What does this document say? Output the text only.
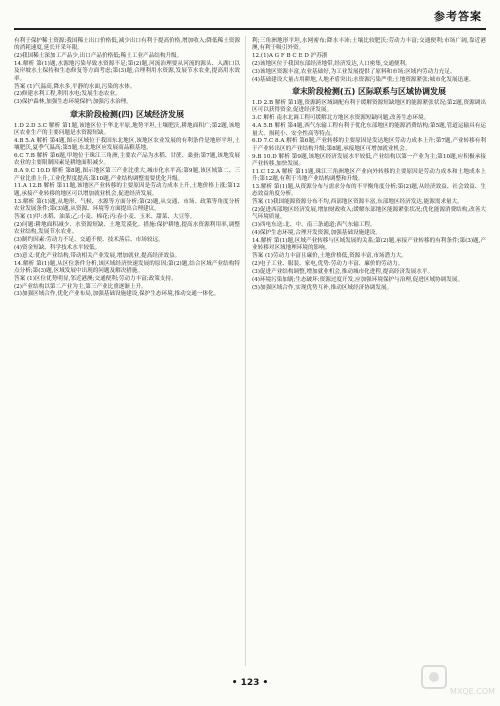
参考答案
有利于保护稀土资源;我国稀土出口价格低,减少出口有利于提高价格,增加收入;降低稀土资源的消耗速度,延长开采年限。
(2)我国稀土深加工产品少,出口产品价格低;稀土工业产品结构升级。
14.解析 第(1)题,水源地污染导致水资源不足;第(2)题,河流治理要从河流的源头、入湖口以及岸坡水土保持和生态修复等方面考虑;第(3)题,合理利用水资源,发展节水农业,提高用水效率。
答案 (1)气温高,降水多,平静的水面,污染的水体。
(2)修建水利工程,利用水电;发展生态农业。
(3)保护森林,加强生态环境保护;加强污水治理。
章末阶段检测(四) 区域经济发展
1.D 2.D 3.C 解析 第1题,该地区位于华北平原,地势平坦,土壤肥沃,耕地面积广;第2题,该地区农业生产的主要问题是水资源短缺。
4.B 5.A 解析 第4题,图示区域位于我国东北地区,该地区农业发展的有利条件是地形平坦,土壤肥沃,夏季气温高;第5题,东北地区应发展商品粮基地。
6.C 7.B 解析 第6题,甲地位于珠江三角洲,主要农产品为水稻、甘蔗、桑蚕;第7题,该地发展农业的主要限制因素是耕地面积减少。
8.A 9.C 10.D 解析 第8题,图示地区第三产业比重大,城市化水平高;第9题,该区域第二、三产业比重上升,工业化程度提高;第10题,产业结构调整需要优化升级。
11.A 12.B 解析 第11题,该地区产业转移的主要原因是劳动力成本上升,土地价格上涨;第12题,承接产业转移的地区可以增加就业机会,促进经济发展。
13.解析 第(1)题,从地形、气候、水源等方面分析;第(2)题,从交通、市场、政策等角度分析农业发展条件;第(3)题,从资源、环境等方面提出合理建议。
答案 (1)甲:水稻、油菜;乙:小麦、棉花;丙:春小麦、玉米、甜菜、大豆等。
(2)问题:耕地面积减少、水资源短缺、土地荒漠化。措施:保护耕地,提高水资源利用率,调整农业结构,发展节水农业。
(3)制约因素:劳动力不足、交通不便、技术落后、市场较远。
(4)资金短缺、科学技术水平较低。
(5)意义:优化产业结构,带动相关产业发展,增加就业,提高经济效益。
14.解析 第(1)题,从区位条件分析,该区域经济快速发展的原因;第(2)题,结合区域产业结构特点分析;第(3)题,区域发展中出现的问题及解决措施。
答案 (1)区位优势明显,邻近港澳;交通便利;劳动力丰富;政策支持。
(2)产业结构以第二产业为主,第三产业比重逐渐上升。
(3)加强区域合作,优化产业布局,加强基础设施建设,保护生态环境,推动交通一体化。
利;三角洲地形平坦,水网密布;降水丰沛;土壤比较肥沃;劳动力丰富;交通便利;市场广阔,靠近港澳,有利于吸引外资。
12.(1)A G F B C E D 沪苏浙
(2)该地区位于我国东部经济地带,经济发达,人口密集,交通便利。
(3)该地区资源丰富,农业基础好,为工业发展提供了原料和市场;区域内劳动力充足。
(4)基础建设大量占用耕地,人地矛盾突出;水资源污染严重;土地资源紧张;城市化发展迅速。
章末阶段检测(五) 区际联系与区域协调发展
1.D 2.B 解析 第1题,资源跨区域调配有利于缓解资源短缺地区的能源紧张状况;第2题,资源调出区可以获得资金,促进经济发展。
3.C 解析 南水北调工程可缓解北方地区水资源短缺问题,改善生态环境。
4.A 5.B 解析 第4题,西气东输工程有利于优化东部地区的能源消费结构;第5题,管道运输具有运量大、损耗小、安全性高等特点。
6.D 7.C 8.A 解析 第6题,产业转移的主要原因是发达地区劳动力成本上升;第7题,产业转移有利于产业转出区的产业结构升级;第8题,承接地区可增加就业机会。
9.B 10.D 解析 第9题,该地区经济发展水平较低,产业结构以第一产业为主;第10题,应积极承接产业转移,加快发展。
11.C 12.A 解析 第11题,珠江三角洲地区产业向外转移的主要原因是劳动力成本和土地成本上升;第12题,有利于当地产业结构调整和升级。
13.解析 第(1)题,从资源分布与需求分布的不平衡角度分析;第(2)题,从经济效益、社会效益、生态效益角度分析。
答案 (1)我国能源资源分布不均,西部地区资源丰富,东部地区经济发达,能源需求量大。
(2)促进西部地区经济发展,增加财政收入;缓解东部地区能源紧张状况;优化能源消费结构,改善大气环境质量。
(3)西电东送:北、中、南三条通道;西气东输工程。
(4)保护生态环境,合理开发资源,加强基础设施建设。
14.解析 第(1)题,区域产业转移与区域发展的关系;第(2)题,承接产业转移的有利条件;第(3)题,产业转移对区域地理环境的影响。
答案 (1)劳动力丰富且廉价,土地价格低,资源丰富,市场潜力大。
(2)电子工业、服装、家电,优势:劳动力丰富、廉价的劳动力。
(3)促进产业结构调整,增加就业机会,推动城市化进程,提高经济发展水平。
(4)环境污染加剧;生态破坏;资源过度开发,应加强环境保护与治理,促进区域协调发展。
(5)加强区域合作,实现优势互补,推动区域经济协调发展。
• 123 •
MXQE.COM
